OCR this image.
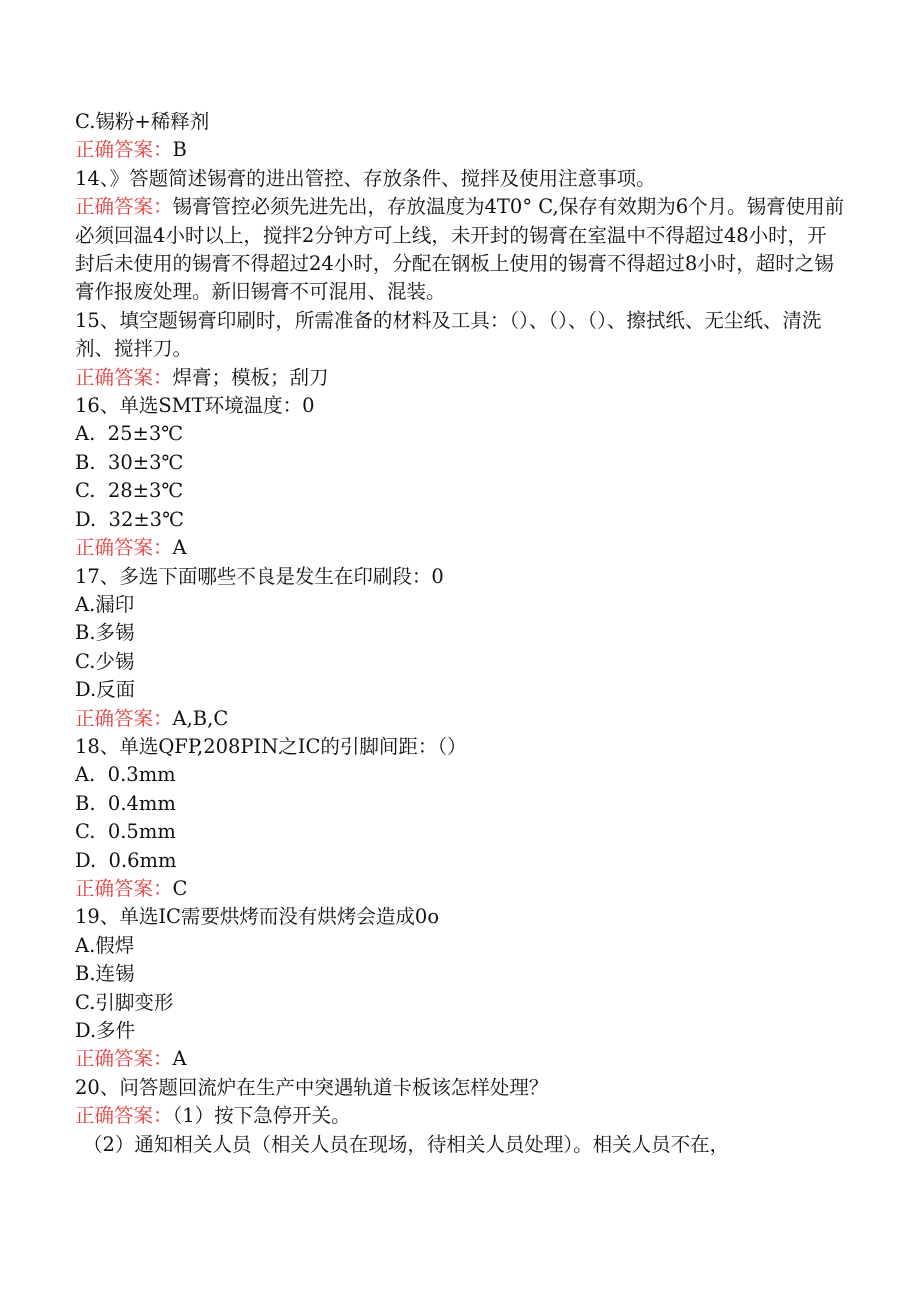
C.锡粉+稀释剂

正确答案：B

14、》答题简述锡膏的进出管控、存放条件、搅拌及使用注意事项。

正确答案：锡膏管控必须先进先出，存放温度为4T0° C,保存有效期为6个月。锡膏使用前必须回温4小时以上，搅拌2分钟方可上线，未开封的锡膏在室温中不得超过48小时，开封后未使用的锡膏不得超过24小时，分配在钢板上使用的锡膏不得超过8小时，超时之锡膏作报废处理。新旧锡膏不可混用、混装。

15、填空题锡膏印刷时，所需准备的材料及工具：（）、（）、（）、擦拭纸、无尘纸、清洗剂、搅拌刀。

正确答案：焊膏；模板；刮刀

16、单选SMT环境温度：0

A.  25±3℃

B.  30±3℃

C.  28±3℃

D.  32±3℃

正确答案：A

17、多选下面哪些不良是发生在印刷段：0

A.漏印

B.多锡

C.少锡

D.反面

正确答案：A,B,C

18、单选QFP,208PIN之IC的引脚间距：（）

A.  0.3mm

B.  0.4mm

C.  0.5mm

D.  0.6mm

正确答案：C

19、单选IC需要烘烤而没有烘烤会造成0o

A.假焊

B.连锡

C.引脚变形

D.多件

正确答案：A

20、问答题回流炉在生产中突遇轨道卡板该怎样处理？

正确答案：（1）按下急停开关。

（2）通知相关人员（相关人员在现场，待相关人员处理）。相关人员不在，
